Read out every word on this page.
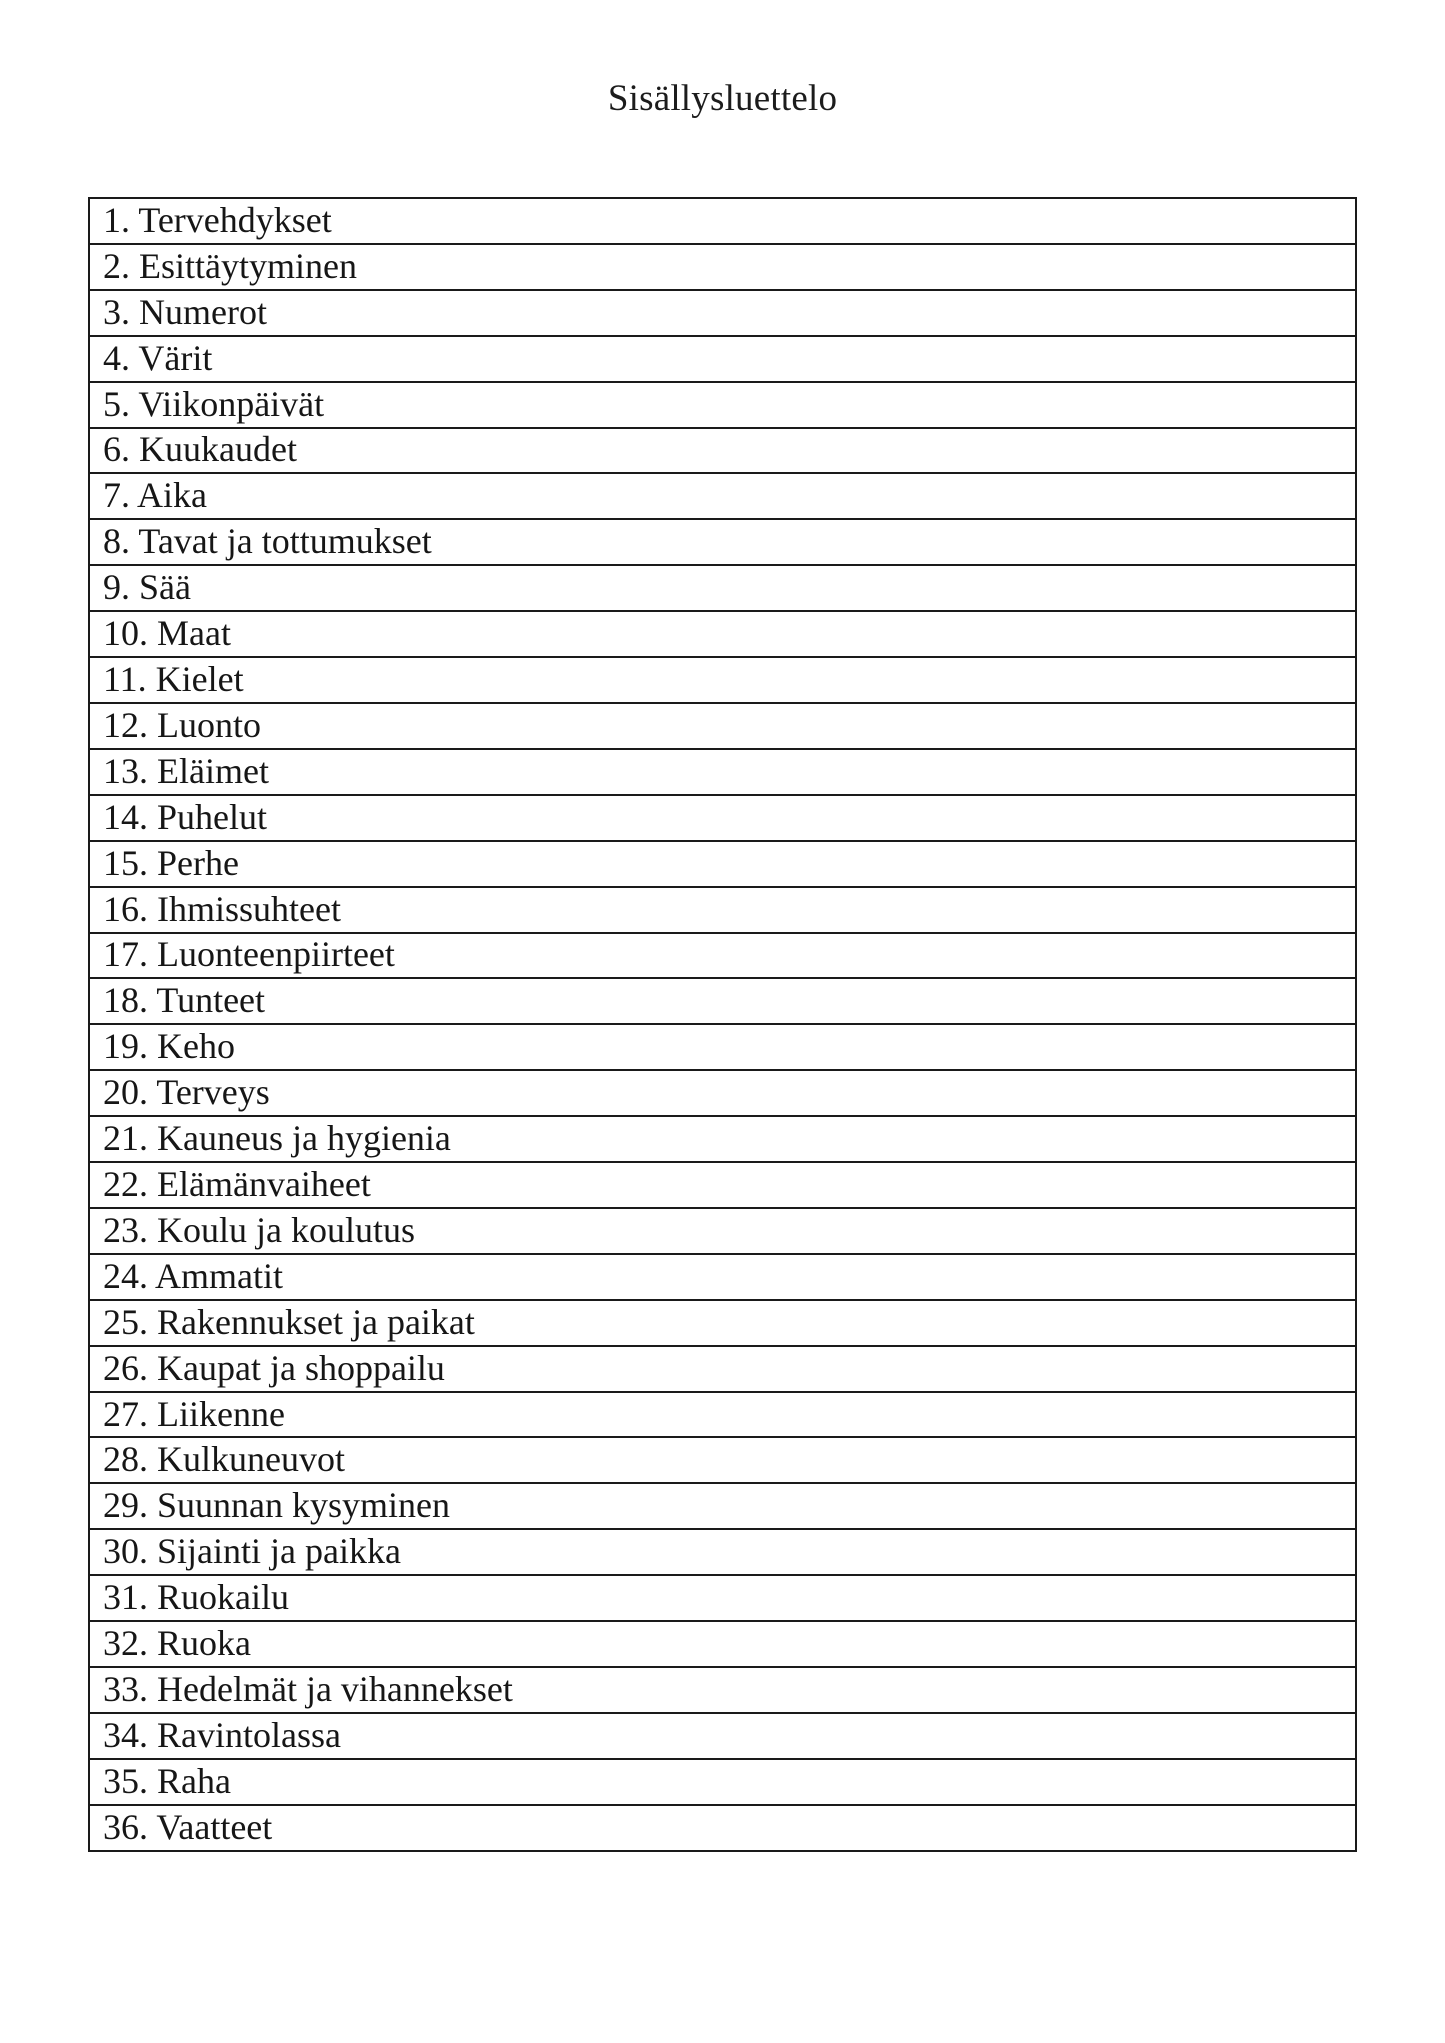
Sisällysluettelo
1. Tervehdykset
2. Esittäytyminen
3. Numerot
4. Värit
5. Viikonpäivät
6. Kuukaudet
7. Aika
8. Tavat ja tottumukset
9. Sää
10. Maat
11. Kielet
12. Luonto
13. Eläimet
14. Puhelut
15. Perhe
16. Ihmissuhteet
17. Luonteenpiirteet
18. Tunteet
19. Keho
20. Terveys
21. Kauneus ja hygienia
22. Elämänvaiheet
23. Koulu ja koulutus
24. Ammatit
25. Rakennukset ja paikat
26. Kaupat ja shoppailu
27. Liikenne
28. Kulkuneuvot
29. Suunnan kysyminen
30. Sijainti ja paikka
31. Ruokailu
32. Ruoka
33. Hedelmät ja vihannekset
34. Ravintolassa
35. Raha
36. Vaatteet
